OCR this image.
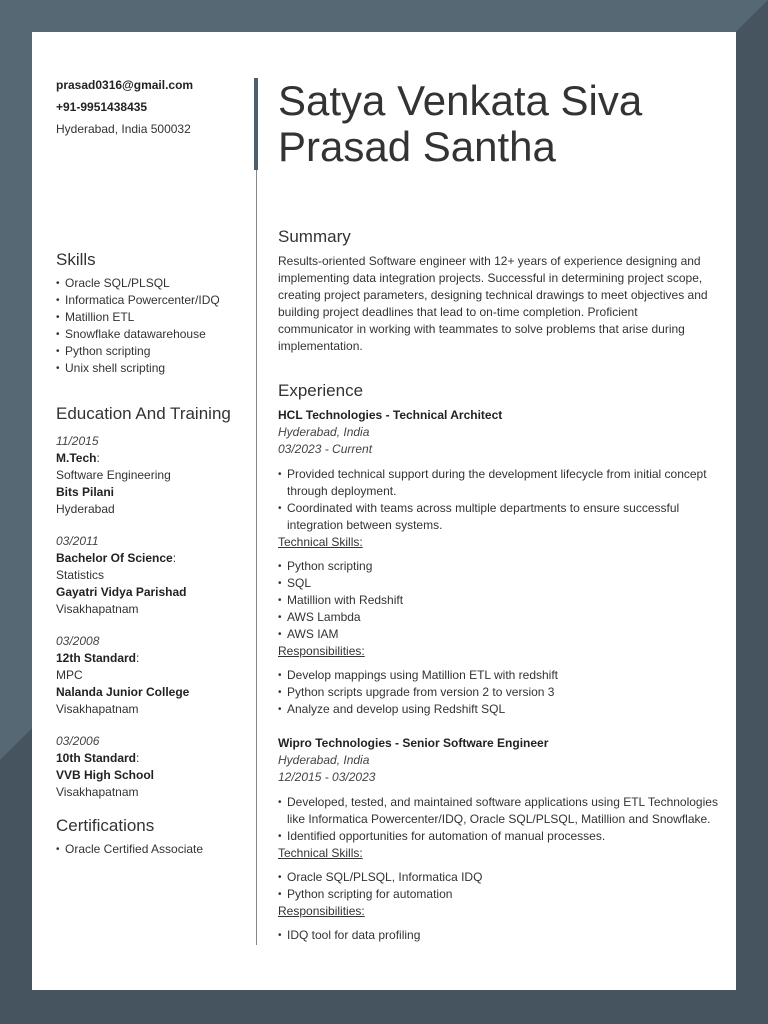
prasad0316@gmail.com
+91-9951438435
Hyderabad, India 500032
Skills
• Oracle SQL/PLSQL
• Informatica Powercenter/IDQ
• Matillion ETL
• Snowflake datawarehouse
• Python scripting
• Unix shell scripting
Education And Training
11/2015
M.Tech:
Software Engineering
Bits Pilani
Hyderabad
03/2011
Bachelor Of Science:
Statistics
Gayatri Vidya Parishad
Visakhapatnam
03/2008
12th Standard:
MPC
Nalanda Junior College
Visakhapatnam
03/2006
10th Standard:
VVB High School
Visakhapatnam
Certifications
• Oracle Certified Associate
Satya Venkata Siva
Prasad Santha
Summary

Results-oriented Software engineer with 12+ years of experience designing and implementing data integration projects. Successful in determining project scope, creating project parameters, designing technical drawings to meet objectives and building project deadlines that lead to on-time completion. Proficient communicator in working with teammates to solve problems that arise during implementation.

Experience
HCL Technologies - Technical Architect
Hyderabad, India
03/2023 - Current
• Provided technical support during the development lifecycle from initial concept through deployment.
• Coordinated with teams across multiple departments to ensure successful integration between systems.
Technical Skills:
• Python scripting
• SQL
• Matillion with Redshift
• AWS Lambda
• AWS IAM
Responsibilities:
• Develop mappings using Matillion ETL with redshift
• Python scripts upgrade from version 2 to version 3
• Analyze and develop using Redshift SQL
Wipro Technologies - Senior Software Engineer
Hyderabad, India
12/2015 - 03/2023
• Developed, tested, and maintained software applications using ETL Technologies like Informatica Powercenter/IDQ, Oracle SQL/PLSQL, Matillion and Snowflake.
• Identified opportunities for automation of manual processes.
Technical Skills:
• Oracle SQL/PLSQL, Informatica IDQ
• Python scripting for automation
Responsibilities:
• IDQ tool for data profiling
